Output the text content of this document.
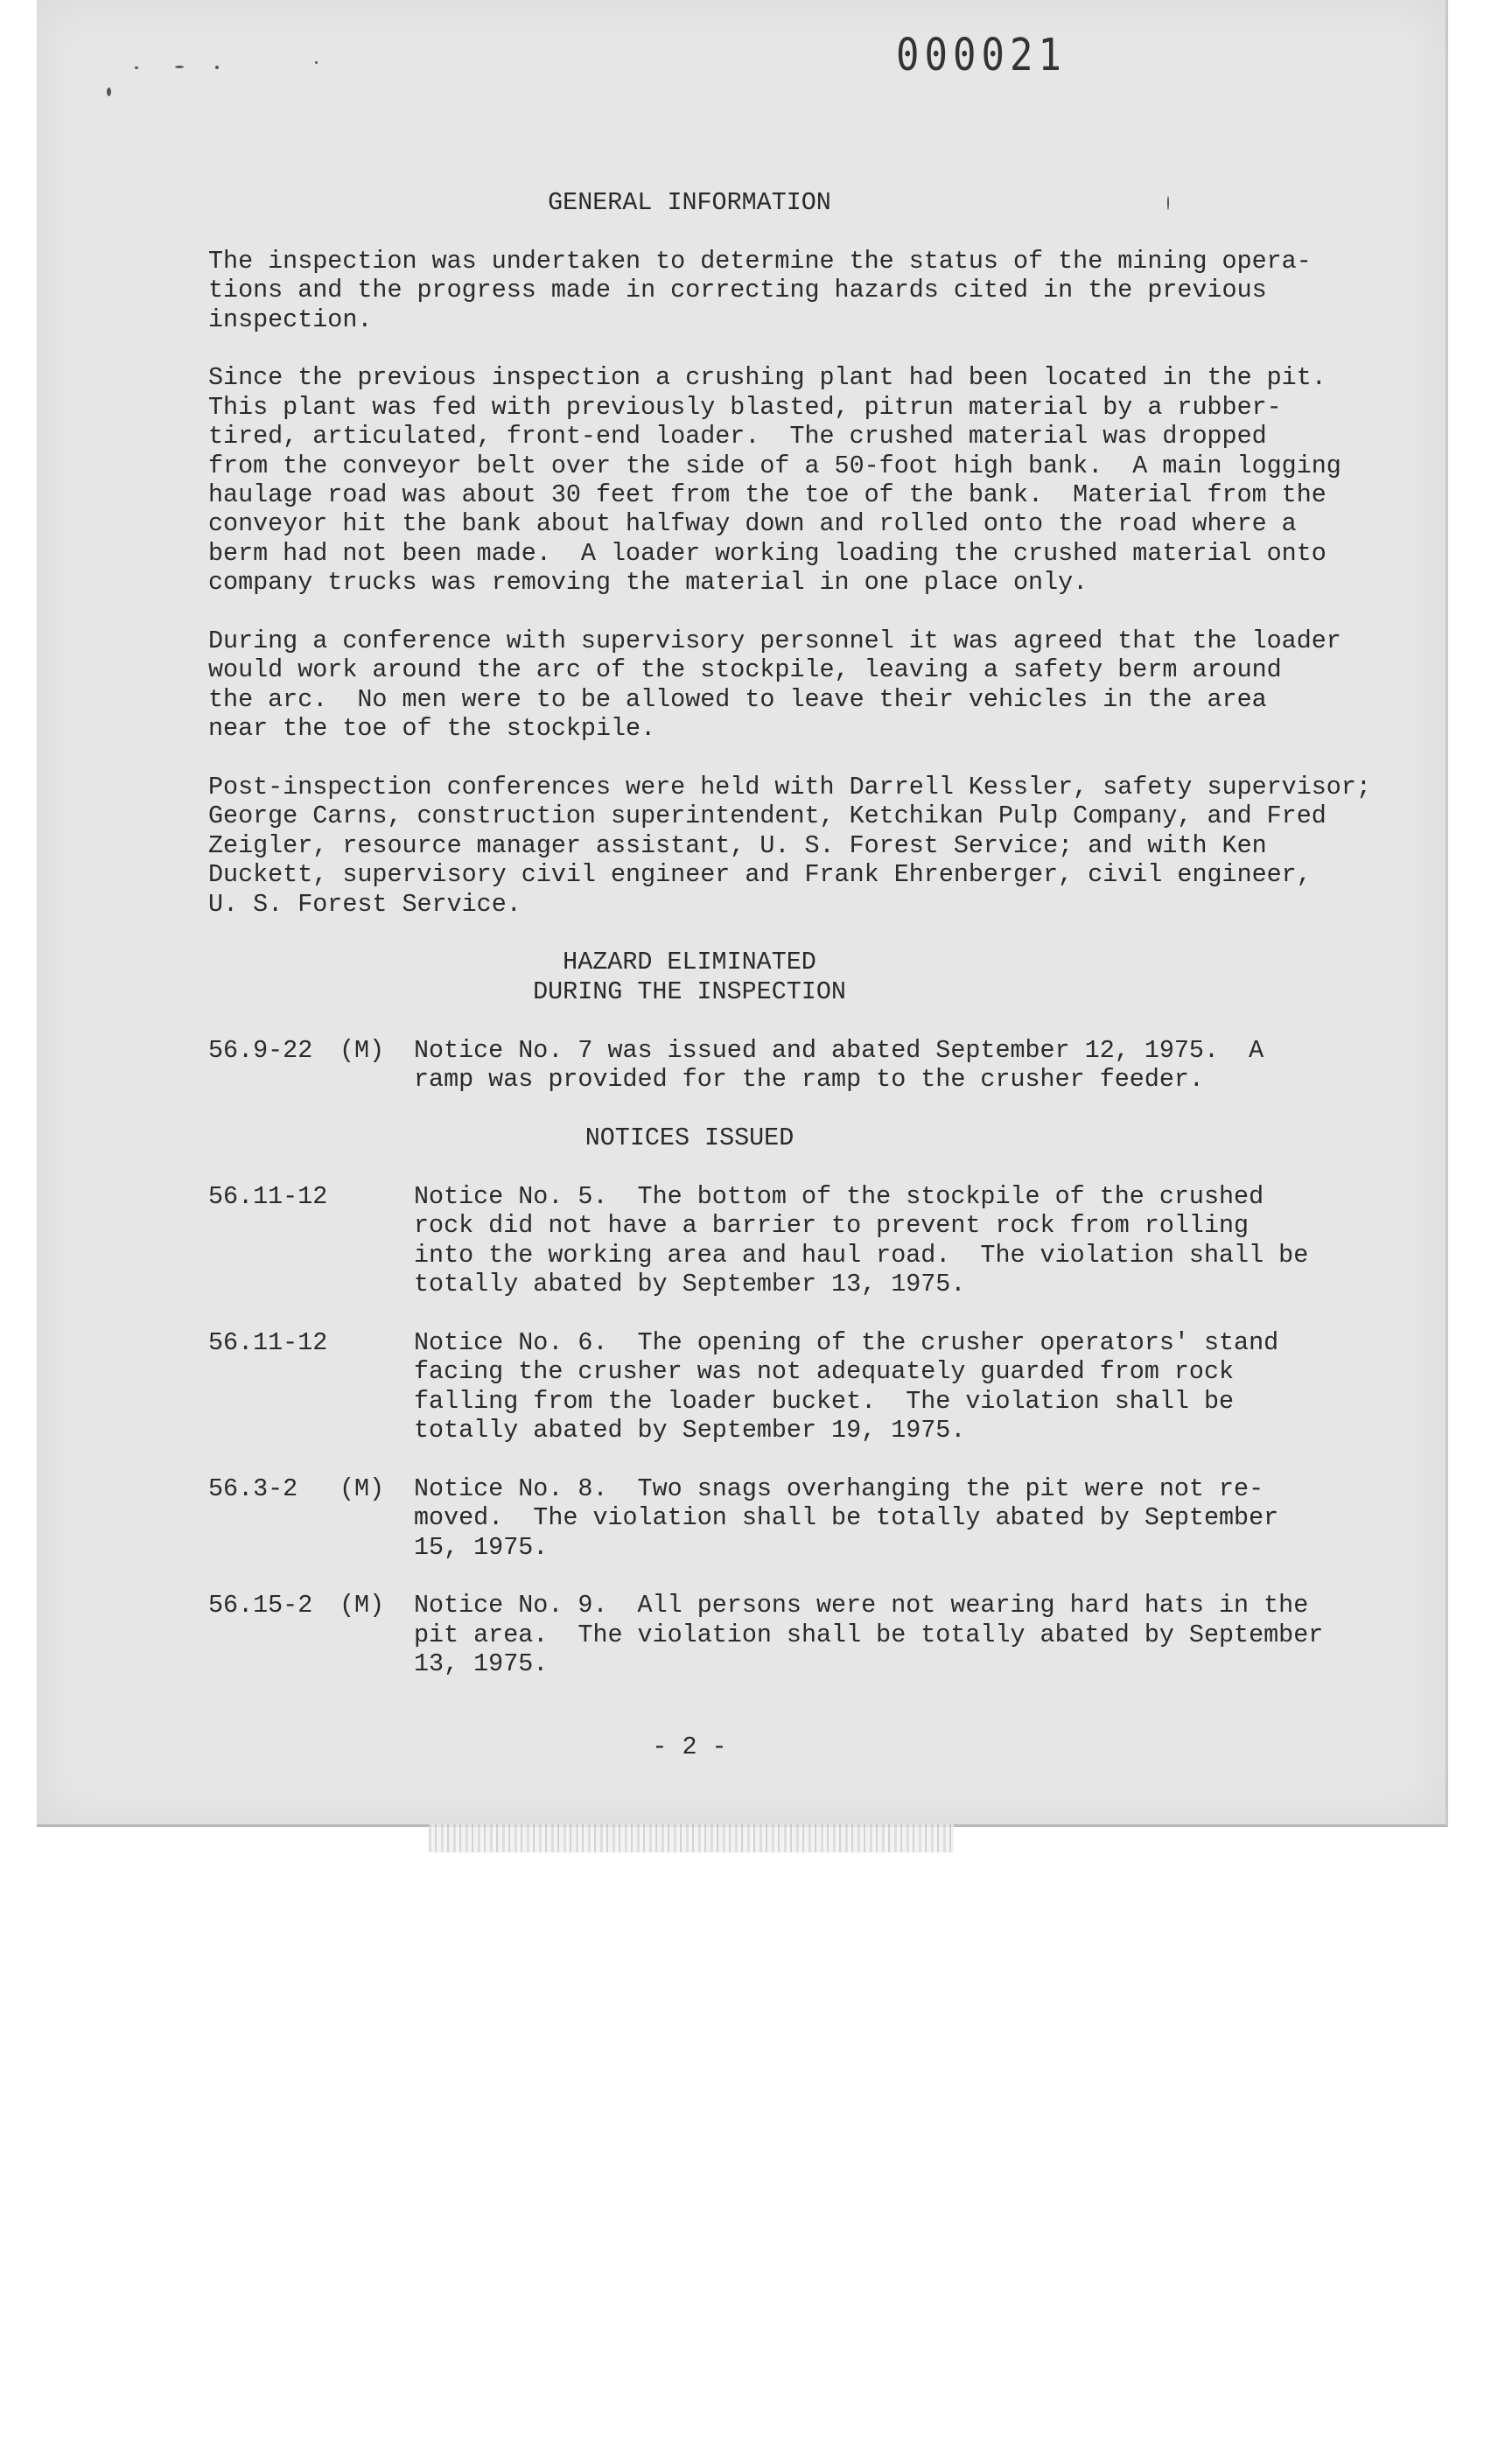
000021

GENERAL INFORMATION

The inspection was undertaken to determine the status of the mining opera-
tions and the progress made in correcting hazards cited in the previous
inspection.

Since the previous inspection a crushing plant had been located in the pit.
This plant was fed with previously blasted, pitrun material by a rubber-
tired, articulated, front-end loader.  The crushed material was dropped
from the conveyor belt over the side of a 50-foot high bank.  A main logging
haulage road was about 30 feet from the toe of the bank.  Material from the
conveyor hit the bank about halfway down and rolled onto the road where a
berm had not been made.  A loader working loading the crushed material onto
company trucks was removing the material in one place only.

During a conference with supervisory personnel it was agreed that the loader
would work around the arc of the stockpile, leaving a safety berm around
the arc.  No men were to be allowed to leave their vehicles in the area
near the toe of the stockpile.

Post-inspection conferences were held with Darrell Kessler, safety supervisor;
George Carns, construction superintendent, Ketchikan Pulp Company, and Fred
Zeigler, resource manager assistant, U. S. Forest Service; and with Ken
Duckett, supervisory civil engineer and Frank Ehrenberger, civil engineer,
U. S. Forest Service.

HAZARD ELIMINATED

DURING THE INSPECTION

56.9-22 (M) Notice No. 7 was issued and abated September 12, 1975.  A
ramp was provided for the ramp to the crusher feeder.

NOTICES ISSUED

56.11-12	Notice No. 5.  The bottom of the stockpile of the crushed
rock did not have a barrier to prevent rock from rolling
into the working area and haul road.  The violation shall be
totally abated by September 13, 1975.
56.11-12	Notice No. 6.  The opening of the crusher operators' stand
facing the crusher was not adequately guarded from rock
falling from the loader bucket.  The violation shall be
totally abated by September 19, 1975.
56.3-2 (M) Notice No. 8.  Two snags overhanging the pit were not re-
moved.  The violation shall be totally abated by September
15, 1975.
56.15-2 (M) Notice No. 9.  All persons were not wearing hard hats in the
pit area.  The violation shall be totally abated by September
13, 1975.

- 2 -
